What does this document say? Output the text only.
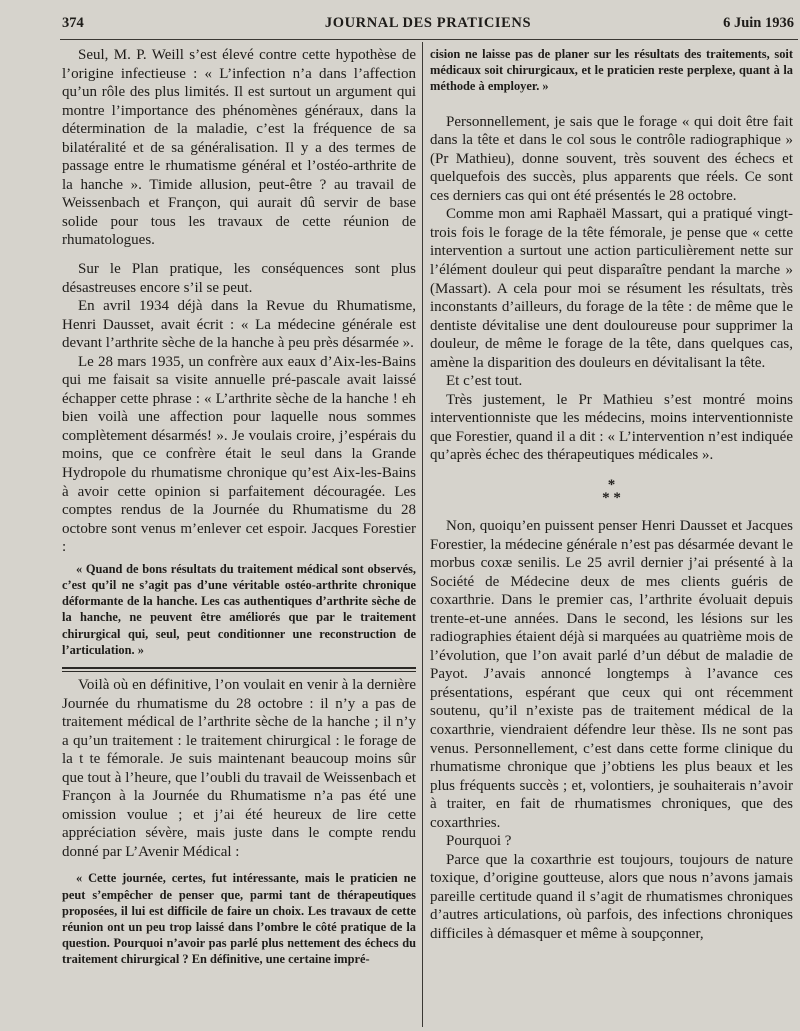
374	JOURNAL DES PRATICIENS	6 Juin 1936

Seul, M. P. Weill s’est élevé contre cette hypothèse de l’origine infectieuse : « L’infection n’a dans l’affection qu’un rôle des plus limités. Il est surtout un argument qui montre l’importance des phénomènes généraux, dans la détermination de la maladie, c’est la fréquence de sa bilatéralité et de sa généralisation. Il y a des termes de passage entre le rhumatisme général et l’ostéo-arthrite de la hanche ». Timide allusion, peut-être ? au travail de Weissenbach et Françon, qui aurait dû servir de base solide pour tous les travaux de cette réunion de rhumatologues.

Sur le Plan pratique, les conséquences sont plus désastreuses encore s’il se peut.

En avril 1934 déjà dans la Revue du Rhumatisme, Henri Dausset, avait écrit : « La médecine générale est devant l’arthrite sèche de la hanche à peu près désarmée ».

Le 28 mars 1935, un confrère aux eaux d’Aix-les-Bains qui me faisait sa visite annuelle pré-pascale avait laissé échapper cette phrase : « L’arthrite sèche de la hanche ! eh bien voilà une affection pour laquelle nous sommes complètement désarmés! ». Je voulais croire, j’espérais du moins, que ce confrère était le seul dans la Grande Hydropole du rhumatisme chronique qu’est Aix-les-Bains à avoir cette opinion si parfaitement découragée. Les comptes rendus de la Journée du Rhumatisme du 28 octobre sont venus m’enlever cet espoir. Jacques Forestier :

« Quand de bons résultats du traitement médical sont observés, c’est qu’il ne s’agit pas d’une véritable ostéo-arthrite chronique déformante de la hanche. Les cas authentiques d’arthrite sèche de la hanche, ne peuvent être améliorés que par le traitement chirurgical qui, seul, peut conditionner une reconstruction de l’articulation. »

Voilà où en définitive, l’on voulait en venir à la dernière Journée du rhumatisme du 28 octobre : il n’y a pas de traitement médical de l’arthrite sèche de la hanche ; il n’y a qu’un traitement : le traitement chirurgical : le forage de la t te fémorale. Je suis maintenant beaucoup moins sûr que tout à l’heure, que l’oubli du travail de Weissenbach et Françon à la Journée du Rhumatisme n’a pas été une omission voulue ; et j’ai été heureux de lire cette appréciation sévère, mais juste dans le compte rendu donné par L’Avenir Médical :

« Cette journée, certes, fut intéressante, mais le praticien ne peut s’empêcher de penser que, parmi tant de thérapeutiques proposées, il lui est difficile de faire un choix. Les travaux de cette réunion ont un peu trop laissé dans l’ombre le côté pratique de la question. Pourquoi n’avoir pas parlé plus nettement des échecs du traitement chirurgical ? En définitive, une certaine impré-

cision ne laisse pas de planer sur les résultats des traitements, soit médicaux soit chirurgicaux, et le praticien reste perplexe, quant à la méthode à employer. »

Personnellement, je sais que le forage « qui doit être fait dans la tête et dans le col sous le contrôle radiographique » (Pr Mathieu), donne souvent, très souvent des échecs et quelquefois des succès, plus apparents que réels. Ce sont ces derniers cas qui ont été présentés le 28 octobre.

Comme mon ami Raphaël Massart, qui a pratiqué vingt-trois fois le forage de la tête fémorale, je pense que « cette intervention a surtout une action particulièrement nette sur l’élément douleur qui peut disparaître pendant la marche » (Massart). A cela pour moi se résument les résultats, très inconstants d’ailleurs, du forage de la tête : de même que le dentiste dévitalise une dent douloureuse pour supprimer la douleur, de même le forage de la tête, dans quelques cas, amène la disparition des douleurs en dévitalisant la tête.

Et c’est tout.

Très justement, le Pr Mathieu s’est montré moins interventionniste que les médecins, moins interventionniste que Forestier, quand il a dit : « L’intervention n’est indiquée qu’après échec des thérapeutiques médicales ».

*
* *

Non, quoiqu’en puissent penser Henri Dausset et Jacques Forestier, la médecine générale n’est pas désarmée devant le morbus coxæ senilis. Le 25 avril dernier j’ai présenté à la Société de Médecine deux de mes clients guéris de coxarthrie. Dans le premier cas, l’arthrite évoluait depuis trente-et-une années. Dans le second, les lésions sur les radiographies étaient déjà si marquées au quatrième mois de l’évolution, que l’on avait parlé d’un début de maladie de Payot. J’avais annoncé longtemps à l’avance ces présentations, espérant que ceux qui ont récemment soutenu, qu’il n’existe pas de traitement médical de la coxarthrie, viendraient défendre leur thèse. Ils ne sont pas venus. Personnellement, c’est dans cette forme clinique du rhumatisme chronique que j’obtiens les plus beaux et les plus fréquents succès ; et, volontiers, je souhaiterais n’avoir à traiter, en fait de rhumatismes chroniques, que des coxarthries.

Pourquoi ?

Parce que la coxarthrie est toujours, toujours de nature toxique, d’origine goutteuse, alors que nous n’avons jamais pareille certitude quand il s’agit de rhumatismes chroniques d’autres articulations, où parfois, des infections chroniques difficiles à démasquer et même à soupçonner,
